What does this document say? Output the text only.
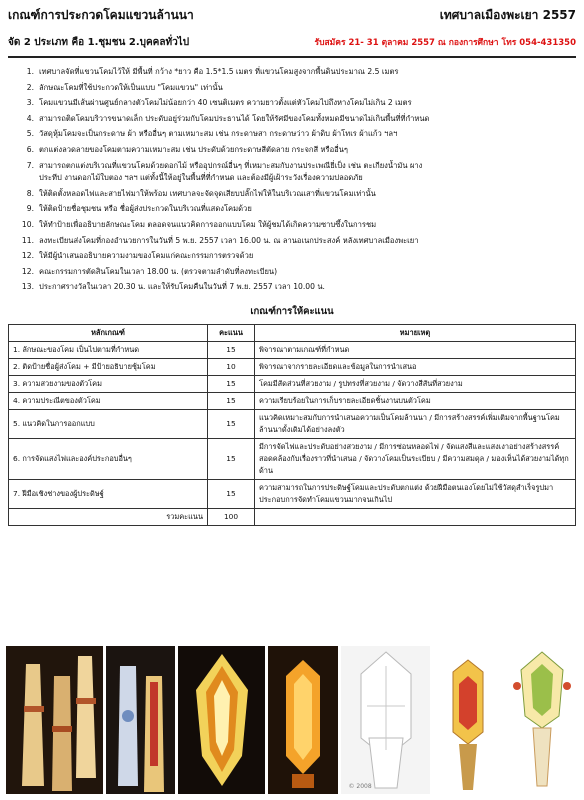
เกณฑ์การประกวดโคมแขวนล้านนา	เทศบาลเมืองพะเยา 2557
จัด 2 ประเภท คือ 1.ชุมชน 2.บุคคลทั่วไป	รับสมัคร 21- 31 ตุลาคม 2557 ณ กองการศึกษา โทร 054-431350
1. เทศบาลจัดที่แขวนโคมไว้ให้ มีพื้นที่ กว้าง *ยาว คือ 1.5*1.5 เมตร ที่แขวนโคมสูงจากพื้นดินประมาณ 2.5 เมตร
2. ลักษณะโคมที่ใช้ประกวดให้เป็นแบบ "โคมแขวน" เท่านั้น
3. โคมแขวนมีเส้นผ่านศูนย์กลางตัวโคมไม่น้อยกว่า 40 เซนติเมตร ความยาวตั้งแต่หัวโคมไปถึงหางโคมไม่เกิน 2 เมตร
4. สามารถติดโคมบริวารขนาดเล็ก ประดับอยู่ร่วมกับโคมประธานได้ โดยให้รัศมีของโคมทั้งหมดมีขนาดไม่เกินพื้นที่ที่กำหนด
5. วัสดุหุ้มโคมจะเป็นกระดาษ ผ้า หรืออื่นๆ ตามเหมาะสม เช่น กระดาษสา กระดาษว่าว ผ้าดิบ ผ้าโทเร ผ้าแก้ว ฯลฯ
6. ตกแต่งลวดลายของโคมตามความเหมาะสม เช่น ประดับด้วยกระดาษสีตัดลาย กระจกสี หรืออื่นๆ
7. สามารถตกแต่งบริเวณที่แขวนโคมด้วยดอกไม้ หรืออุปกรณ์อื่นๆ ที่เหมาะสมกับงานประเพณียี่เป็ง เช่น ตะเกียงน้ำมัน ผาง
ประทีป งานดอกไม้ใบตอง ฯลฯ แต่ทั้งนี้ให้อยู่ในพื้นที่ที่กำหนด และต้องมีผู้เฝ้าระวังเรื่องความปลอดภัย
8. ให้ติดตั้งหลอดไฟและสายไฟมาให้พร้อม เทศบาลจะจัดจุดเสียบปลั๊กไฟให้ในบริเวณเสาที่แขวนโคมเท่านั้น
9. ให้ติดป้ายชื่อชุมชน หรือ ชื่อผู้ส่งประกวดในบริเวณที่แสดงโคมด้วย
10. ให้ทำป้ายเพื่ออธิบายลักษณะโคม ตลอดจนแนวคิดการออกแบบโคม ให้ผู้ชมได้เกิดความซาบซึ้งในการชม
11. ลงทะเบียนส่งโคมที่กองอำนวยการในวันที่ 5 พ.ย. 2557 เวลา 16.00 น. ณ ลานอเนกประสงค์ หลังเทศบาลเมืองพะเยา
12. ให้มีผู้นำเสนออธิบายความงามของโคมแก่คณะกรรมการตรวจด้วย
12. คณะกรรมการตัดสินโคมในเวลา 18.00 น. (ตรวจตามลำดับที่ลงทะเบียน)
13. ประกาศรางวัลในเวลา 20.30 น. และให้รับโคมคืนในวันที่ 7 พ.ย. 2557 เวลา 10.00 น.
เกณฑ์การให้คะแนน
หลักเกณฑ์	คะแนน	หมายเหตุ
1. ลักษณะของโคม เป็นไปตามที่กำหนด	15	พิจารณาตามเกณฑ์ที่กำหนด
2. ติดป้ายชื่อผู้ส่งโคม + มีป้ายอธิบายชุ้มโคม	10	พิจารณาจากรายละเอียดและข้อมูลในการนำเสนอ
3. ความสวยงามของตัวโคม	15	โคมมีสัดส่วนที่สวยงาม / รูปทรงที่สวยงาม / จัดวางสีสันที่สวยงาม
4. ความประณีตของตัวโคม	15	ความเรียบร้อยในการเก็บรายละเอียดชิ้นงานบนตัวโคม
5. แนวคิดในการออกแบบ	15	แนวคิดเหมาะสมกับการนำเสนอความเป็นโคมล้านนา / มีการสร้างสรรค์เพิ่มเติมจากพื้นฐานโคมล้านนาดั้งเดิมได้อย่างลงตัว
6. การจัดแสงไฟและองค์ประกอบอื่นๆ	15	มีการจัดไฟและประดับอย่างสวยงาม / มีการซ่อนหลอดไฟ / จัดแสงสีและแสงเงาอย่างสร้างสรรค์ สอดคล้องกับเรื่องราวที่นำเสนอ / จัดวางโคมเป็นระเบียบ / มีความสมดุล / มองเห็นได้สวยงามได้ทุกด้าน
7. ฝีมือเชิงช่างของผู้ประดิษฐ์	15	ความสามารถในการประดิษฐ์โคมและประดับตกแต่ง ด้วยฝีมือตนเองโดยไม่ใช้วัสดุสำเร็จรูปมาประกอบการจัดทำโคมแขวนมากจนเกินไป
รวมคะแนน	100	
© 2008
